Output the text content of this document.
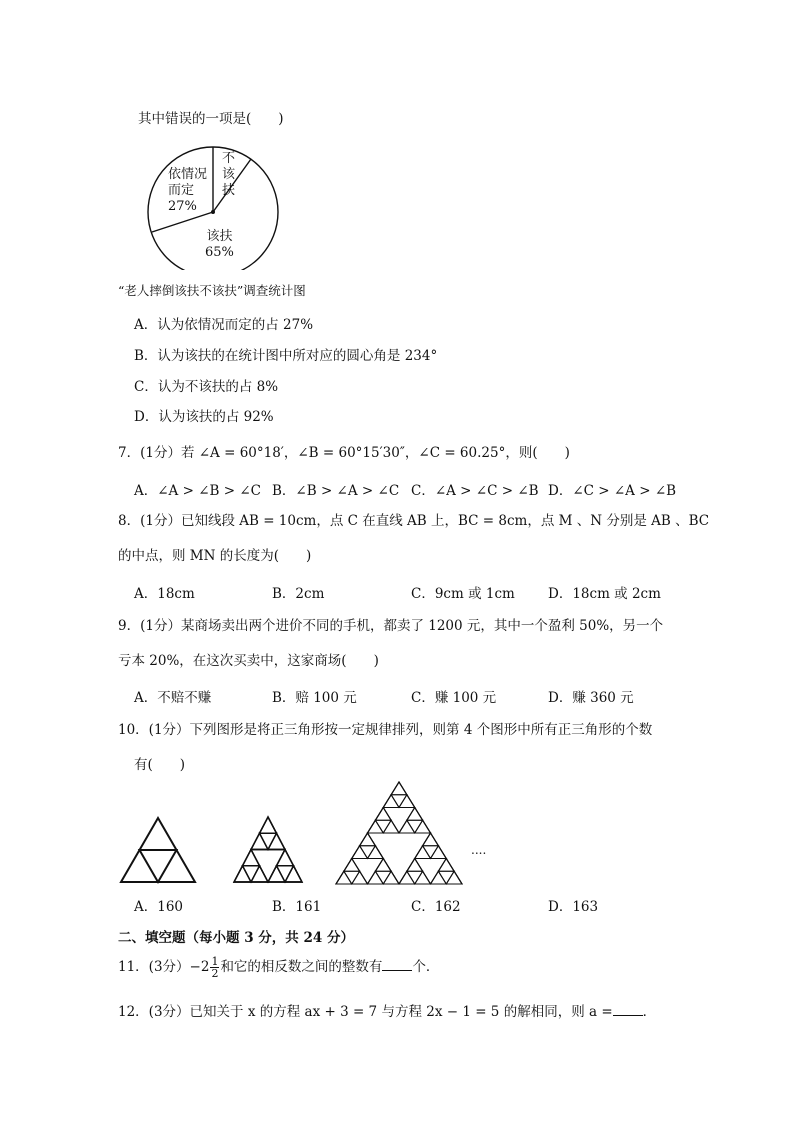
其中错误的一项是(　　)
依情况
而定
27%
不
该
扶
该扶
65%
“老人摔倒该扶不该扶”调查统计图
A．认为依情况而定的占 27%
B．认为该扶的在统计图中所对应的圆心角是 234°
C．认为不该扶的占 8%
D．认为该扶的占 92%
7．(1分）若 ∠A = 60°18′，∠B = 60°15′30″，∠C = 60.25°，则(　　)
A．∠A > ∠B > ∠C B．∠B > ∠A > ∠C C．∠A > ∠C > ∠B D．∠C > ∠A > ∠B
8．(1分）已知线段 AB = 10cm，点 C 在直线 AB 上，BC = 8cm，点 M 、N 分别是 AB 、BC
的中点，则 MN 的长度为(　　)
A．18cm	B．2cm	C．9cm 或 1cm D．18cm 或 2cm
9．(1分）某商场卖出两个进价不同的手机，都卖了 1200 元，其中一个盈利 50%，另一个
亏本 20%，在这次买卖中，这家商场(　　)
A．不赔不赚	B．赔 100 元	C．赚 100 元	D．赚 360 元
10．(1分）下列图形是将正三角形按一定规律排列，则第 4 个图形中所有正三角形的个数
有(　　)
....
A．160	B．161	C．162	D．163
二、填空题（每小题 3 分，共 24 分）
11．(3分）$-2 \frac{1}{2}$ 和它的相反数之间的整数有 个．
12．(3分）已知关于 x 的方程 ax + 3 = 7 与方程 2x − 1 = 5 的解相同，则 a = ．
